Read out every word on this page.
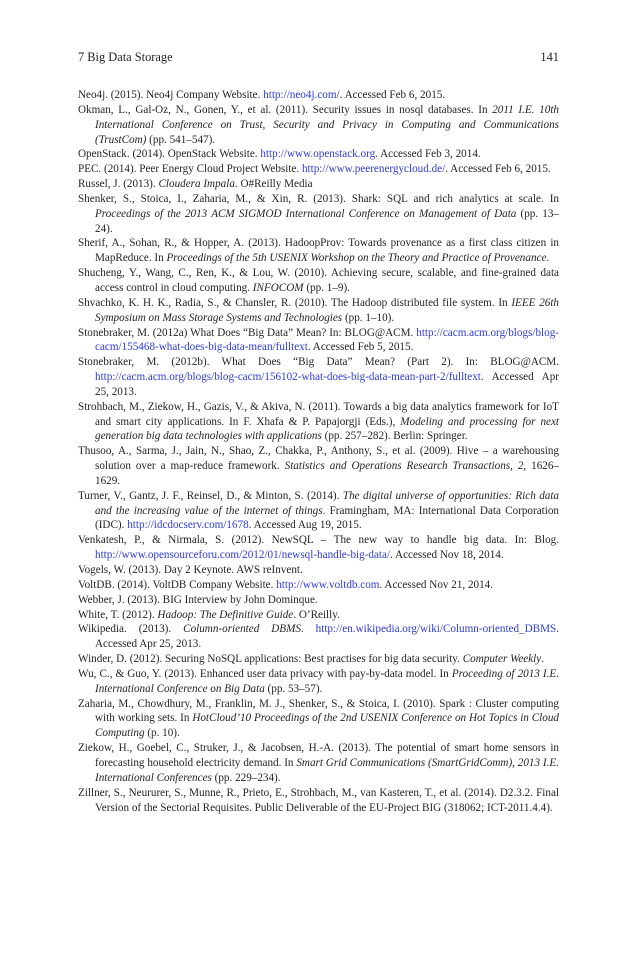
7 Big Data Storage	141
Neo4j. (2015). Neo4j Company Website. http://neo4j.com/. Accessed Feb 6, 2015.
Okman, L., Gal-Oz, N., Gonen, Y., et al. (2011). Security issues in nosql databases. In 2011 I.E. 10th International Conference on Trust, Security and Privacy in Computing and Communications (TrustCom) (pp. 541–547).
OpenStack. (2014). OpenStack Website. http://www.openstack.org. Accessed Feb 3, 2014.
PEC. (2014). Peer Energy Cloud Project Website. http://www.peerenergycloud.de/. Accessed Feb 6, 2015.
Russel, J. (2013). Cloudera Impala. O#Reilly Media
Shenker, S., Stoica, I., Zaharia, M., & Xin, R. (2013). Shark: SQL and rich analytics at scale. In Proceedings of the 2013 ACM SIGMOD International Conference on Management of Data (pp. 13–24).
Sherif, A., Sohan, R., & Hopper, A. (2013). HadoopProv: Towards provenance as a first class citizen in MapReduce. In Proceedings of the 5th USENIX Workshop on the Theory and Practice of Provenance.
Shucheng, Y., Wang, C., Ren, K., & Lou, W. (2010). Achieving secure, scalable, and fine-grained data access control in cloud computing. INFOCOM (pp. 1–9).
Shvachko, K. H. K., Radia, S., & Chansler, R. (2010). The Hadoop distributed file system. In IEEE 26th Symposium on Mass Storage Systems and Technologies (pp. 1–10).
Stonebraker, M. (2012a) What Does “Big Data” Mean? In: BLOG@ACM. http://cacm.acm.org/blogs/blog-cacm/155468-what-does-big-data-mean/fulltext. Accessed Feb 5, 2015.
Stonebraker, M. (2012b). What Does “Big Data” Mean? (Part 2). In: BLOG@ACM. http://cacm.acm.org/blogs/blog-cacm/156102-what-does-big-data-mean-part-2/fulltext. Accessed Apr 25, 2013.
Strohbach, M., Ziekow, H., Gazis, V., & Akiva, N. (2011). Towards a big data analytics framework for IoT and smart city applications. In F. Xhafa & P. Papajorgji (Eds.), Modeling and processing for next generation big data technologies with applications (pp. 257–282). Berlin: Springer.
Thusoo, A., Sarma, J., Jain, N., Shao, Z., Chakka, P., Anthony, S., et al. (2009). Hive – a warehousing solution over a map-reduce framework. Statistics and Operations Research Transactions, 2, 1626–1629.
Turner, V., Gantz, J. F., Reinsel, D., & Minton, S. (2014). The digital universe of opportunities: Rich data and the increasing value of the internet of things. Framingham, MA: International Data Corporation (IDC). http://idcdocserv.com/1678. Accessed Aug 19, 2015.
Venkatesh, P., & Nirmala, S. (2012). NewSQL – The new way to handle big data. In: Blog. http://www.opensourceforu.com/2012/01/newsql-handle-big-data/. Accessed Nov 18, 2014.
Vogels, W. (2013). Day 2 Keynote. AWS reInvent.
VoltDB. (2014). VoltDB Company Website. http://www.voltdb.com. Accessed Nov 21, 2014.
Webber, J. (2013). BIG Interview by John Dominque.
White, T. (2012). Hadoop: The Definitive Guide. O’Reilly.
Wikipedia. (2013). Column-oriented DBMS. http://en.wikipedia.org/wiki/Column-oriented_DBMS. Accessed Apr 25, 2013.
Winder, D. (2012). Securing NoSQL applications: Best practises for big data security. Computer Weekly.
Wu, C., & Guo, Y. (2013). Enhanced user data privacy with pay-by-data model. In Proceeding of 2013 I.E. International Conference on Big Data (pp. 53–57).
Zaharia, M., Chowdhury, M., Franklin, M. J., Shenker, S., & Stoica, I. (2010). Spark : Cluster computing with working sets. In HotCloud’10 Proceedings of the 2nd USENIX Conference on Hot Topics in Cloud Computing (p. 10).
Ziekow, H., Goebel, C., Struker, J., & Jacobsen, H.-A. (2013). The potential of smart home sensors in forecasting household electricity demand. In Smart Grid Communications (SmartGridComm), 2013 I.E. International Conferences (pp. 229–234).
Zillner, S., Neururer, S., Munne, R., Prieto, E., Strohbach, M., van Kasteren, T., et al. (2014). D2.3.2. Final Version of the Sectorial Requisites. Public Deliverable of the EU-Project BIG (318062; ICT-2011.4.4).
